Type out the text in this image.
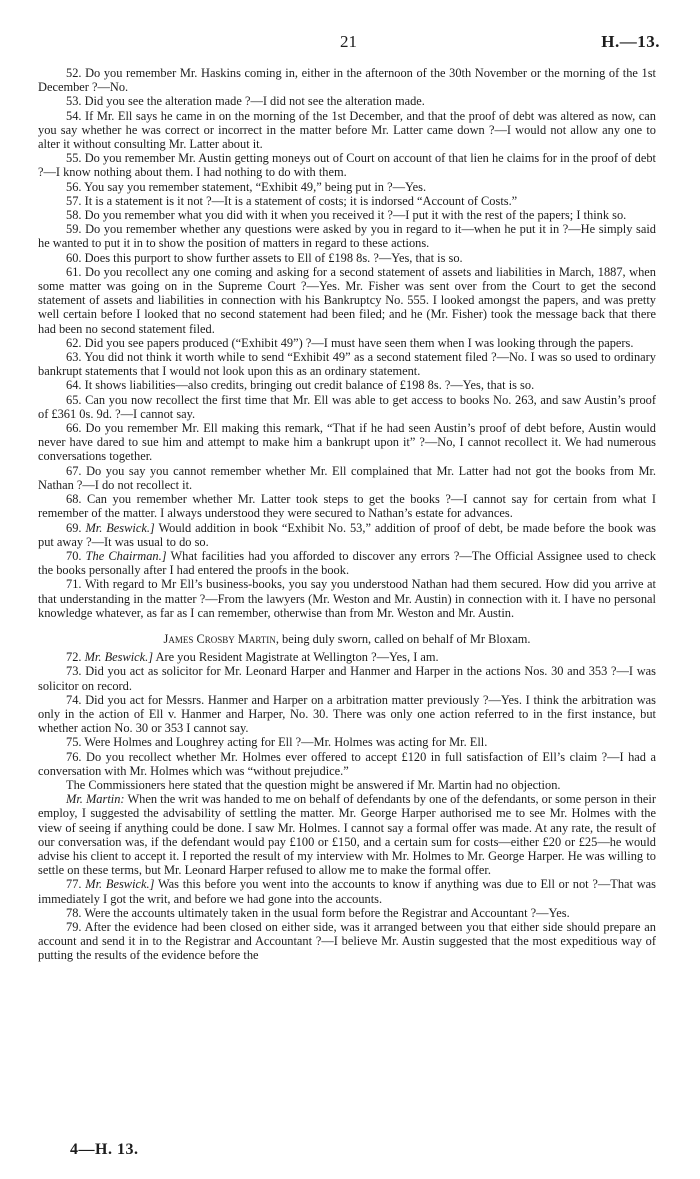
21	H.—13.

52. Do you remember Mr. Haskins coming in, either in the afternoon of the 30th November or the morning of the 1st December ?—No.

53. Did you see the alteration made ?—I did not see the alteration made.

54. If Mr. Ell says he came in on the morning of the 1st December, and that the proof of debt was altered as now, can you say whether he was correct or incorrect in the matter before Mr. Latter came down ?—I would not allow any one to alter it without consulting Mr. Latter about it.

55. Do you remember Mr. Austin getting moneys out of Court on account of that lien he claims for in the proof of debt ?—I know nothing about them. I had nothing to do with them.

56. You say you remember statement, “Exhibit 49,” being put in ?—Yes.

57. It is a statement is it not ?—It is a statement of costs; it is indorsed “Account of Costs.”

58. Do you remember what you did with it when you received it ?—I put it with the rest of the papers; I think so.

59. Do you remember whether any questions were asked by you in regard to it—when he put it in ?—He simply said he wanted to put it in to show the position of matters in regard to these actions.

60. Does this purport to show further assets to Ell of £198 8s. ?—Yes, that is so.

61. Do you recollect any one coming and asking for a second statement of assets and liabilities in March, 1887, when some matter was going on in the Supreme Court ?—Yes. Mr. Fisher was sent over from the Court to get the second statement of assets and liabilities in connection with his Bankruptcy No. 555. I looked amongst the papers, and was pretty well certain before I looked that no second statement had been filed; and he (Mr. Fisher) took the message back that there had been no second statement filed.

62. Did you see papers produced (“Exhibit 49”) ?—I must have seen them when I was looking through the papers.

63. You did not think it worth while to send “Exhibit 49” as a second statement filed ?—No. I was so used to ordinary bankrupt statements that I would not look upon this as an ordinary statement.

64. It shows liabilities—also credits, bringing out credit balance of £198 8s. ?—Yes, that is so.

65. Can you now recollect the first time that Mr. Ell was able to get access to books No. 263, and saw Austin’s proof of £361 0s. 9d. ?—I cannot say.

66. Do you remember Mr. Ell making this remark, “That if he had seen Austin’s proof of debt before, Austin would never have dared to sue him and attempt to make him a bankrupt upon it” ?—No, I cannot recollect it. We had numerous conversations together.

67. Do you say you cannot remember whether Mr. Ell complained that Mr. Latter had not got the books from Mr. Nathan ?—I do not recollect it.

68. Can you remember whether Mr. Latter took steps to get the books ?—I cannot say for certain from what I remember of the matter. I always understood they were secured to Nathan’s estate for advances.

69. Mr. Beswick.] Would addition in book “Exhibit No. 53,” addition of proof of debt, be made before the book was put away ?—It was usual to do so.

70. The Chairman.] What facilities had you afforded to discover any errors ?—The Official Assignee used to check the books personally after I had entered the proofs in the book.

71. With regard to Mr Ell’s business-books, you say you understood Nathan had them secured. How did you arrive at that understanding in the matter ?—From the lawyers (Mr. Weston and Mr. Austin) in connection with it. I have no personal knowledge whatever, as far as I can remember, otherwise than from Mr. Weston and Mr. Austin.

James Crosby Martin, being duly sworn, called on behalf of Mr Bloxam.

72. Mr. Beswick.] Are you Resident Magistrate at Wellington ?—Yes, I am.

73. Did you act as solicitor for Mr. Leonard Harper and Hanmer and Harper in the actions Nos. 30 and 353 ?—I was solicitor on record.

74. Did you act for Messrs. Hanmer and Harper on a arbitration matter previously ?—Yes. I think the arbitration was only in the action of Ell v. Hanmer and Harper, No. 30. There was only one action referred to in the first instance, but whether action No. 30 or 353 I cannot say.

75. Were Holmes and Loughrey acting for Ell ?—Mr. Holmes was acting for Mr. Ell.

76. Do you recollect whether Mr. Holmes ever offered to accept £120 in full satisfaction of Ell’s claim ?—I had a conversation with Mr. Holmes which was “without prejudice.”

The Commissioners here stated that the question might be answered if Mr. Martin had no objection.

Mr. Martin: When the writ was handed to me on behalf of defendants by one of the defendants, or some person in their employ, I suggested the advisability of settling the matter. Mr. George Harper authorised me to see Mr. Holmes with the view of seeing if anything could be done. I saw Mr. Holmes. I cannot say a formal offer was made. At any rate, the result of our conversation was, if the defendant would pay £100 or £150, and a certain sum for costs—either £20 or £25—he would advise his client to accept it. I reported the result of my interview with Mr. Holmes to Mr. George Harper. He was willing to settle on these terms, but Mr. Leonard Harper refused to allow me to make the formal offer.

77. Mr. Beswick.] Was this before you went into the accounts to know if anything was due to Ell or not ?—That was immediately I got the writ, and before we had gone into the accounts.

78. Were the accounts ultimately taken in the usual form before the Registrar and Accountant ?—Yes.

79. After the evidence had been closed on either side, was it arranged between you that either side should prepare an account and send it in to the Registrar and Accountant ?—I believe Mr. Austin suggested that the most expeditious way of putting the results of the evidence before the

4—H. 13.
